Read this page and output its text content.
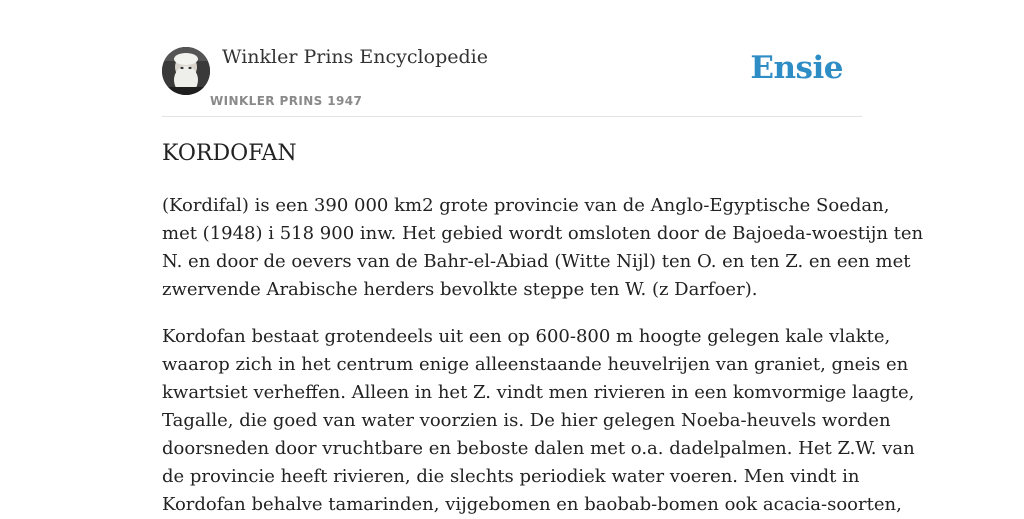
Winkler Prins Encyclopedie
WINKLER PRINS 1947
Ensie
KORDOFAN

(Kordifal) is een 390 000 km2 grote provincie van de Anglo-Egyptische Soedan,
met (1948) i 518 900 inw. Het gebied wordt omsloten door de Bajoeda-woestijn ten
N. en door de oevers van de Bahr-el-Abiad (Witte Nijl) ten O. en ten Z. en een met
zwervende Arabische herders bevolkte steppe ten W. (z Darfoer).

Kordofan bestaat grotendeels uit een op 600-800 m hoogte gelegen kale vlakte,
waarop zich in het centrum enige alleenstaande heuvelrijen van graniet, gneis en
kwartsiet verheffen. Alleen in het Z. vindt men rivieren in een komvormige laagte,
Tagalle, die goed van water voorzien is. De hier gelegen Noeba-heuvels worden
doorsneden door vruchtbare en beboste dalen met o.a. dadelpalmen. Het Z.W. van
de provincie heeft rivieren, die slechts periodiek water voeren. Men vindt in
Kordofan behalve tamarinden, vijgebomen en baobab-bomen ook acacia-soorten,
